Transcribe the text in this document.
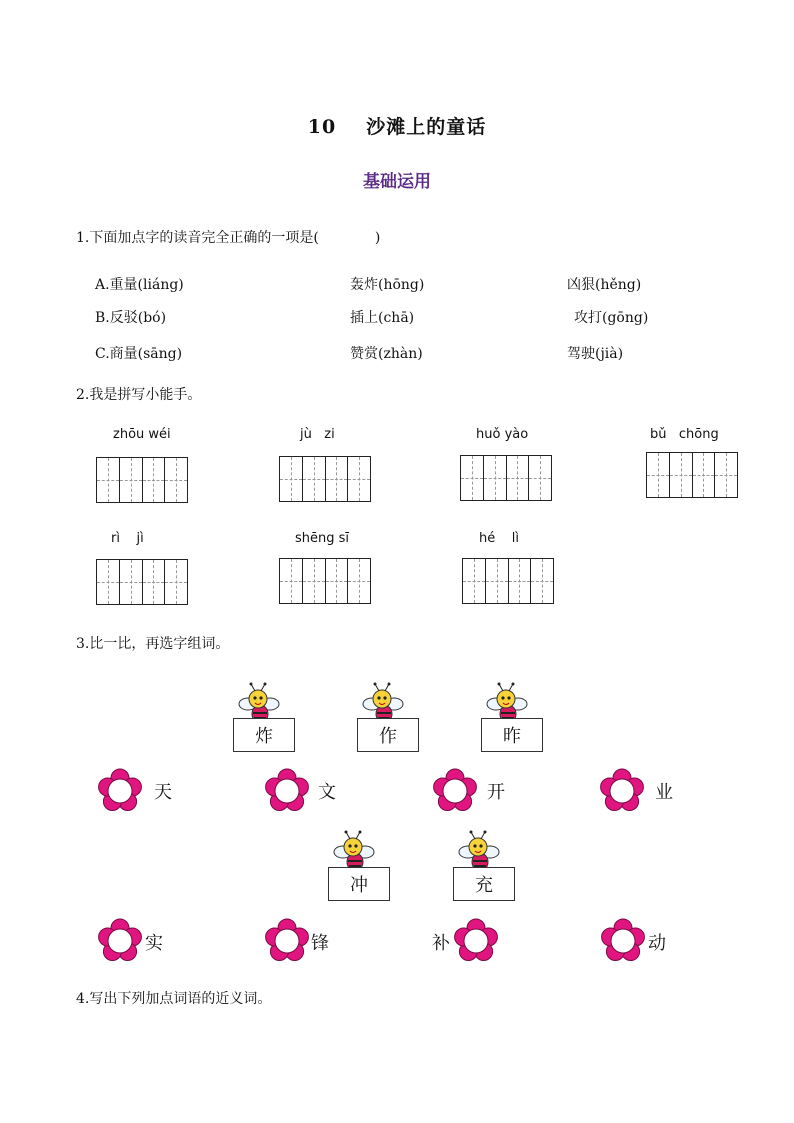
10 沙滩上的童话
基础运用
1.下面加点字的读音完全正确的一项是(　　　　)
A.重量(liáng)	轰炸(hōng)	凶狠(hěng)
B.反驳(bó)	插上(chā)	攻打(gōng)
C.商量(sāng)	赞赏(zhàn)	驾驶(jià)
2.我是拼写小能手。
zhōu wéi	jù   zi	huǒ yào	bǔ   chōng
rì    jì	shēng sī	hé    lì
3.比一比，再选字组词。
炸	作	昨
天	文	开	业
冲	充
实	锋	补	动
4.写出下列加点词语的近义词。
